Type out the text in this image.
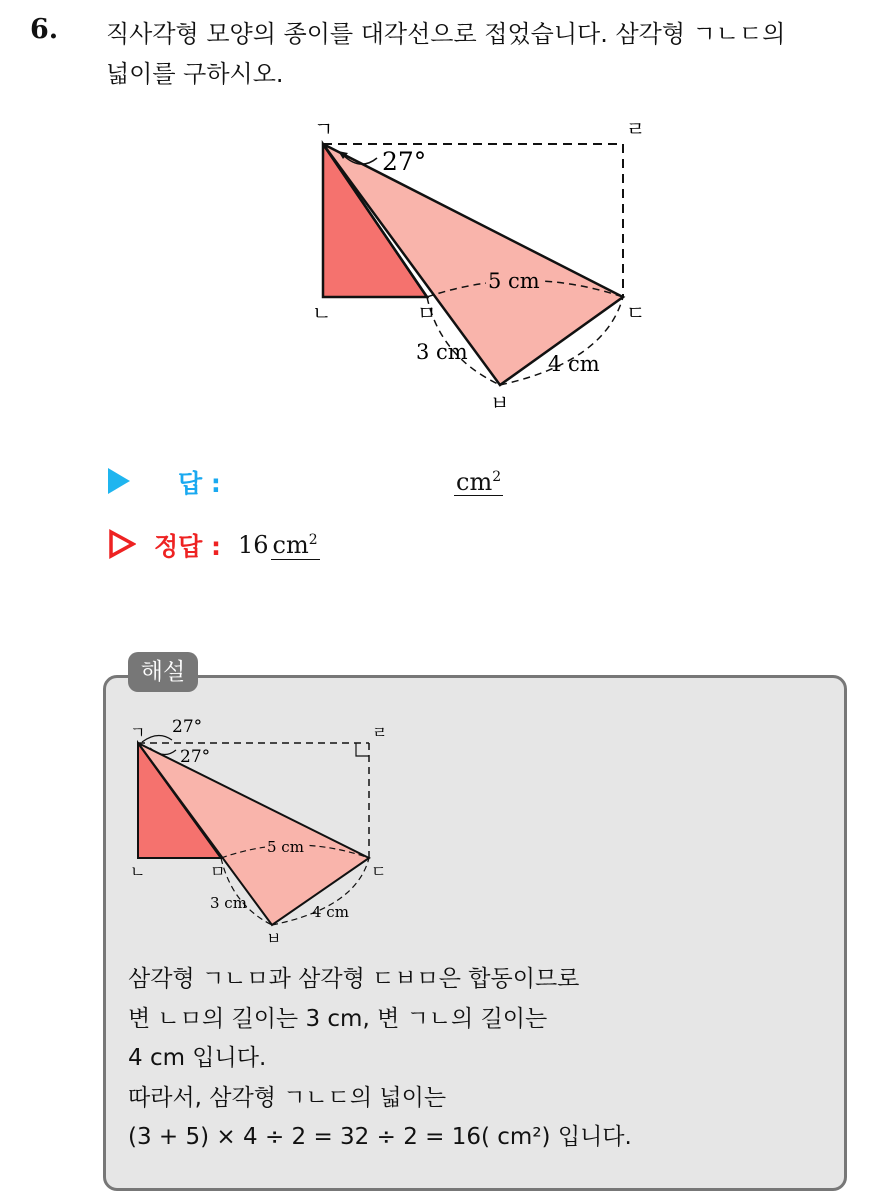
6. 직사각형 모양의 종이를 대각선으로 접었습니다. 삼각형 ㄱㄴㄷ의
넓이를 구하시오.
ㄱ	ㄹ
ㄴ	ㅁ	ㄷ
ㅂ
27°
5 cm
3 cm	4 cm
답 :	$cm^2$
정답 : 16 $cm^2$
해설
ㄱ	ㄹ
ㄴ	ㅁ	ㄷ
ㅂ
27°
27°
5 cm
3 cm	4 cm
삼각형 ㄱㄴㅁ과 삼각형 ㄷㅂㅁ은 합동이므로
변 ㄴㅁ의 길이는 3 cm, 변 ㄱㄴ의 길이는
4 cm 입니다.
따라서, 삼각형 ㄱㄴㄷ의 넓이는
(3 + 5) × 4 ÷ 2 = 32 ÷ 2 = 16( cm²) 입니다.
